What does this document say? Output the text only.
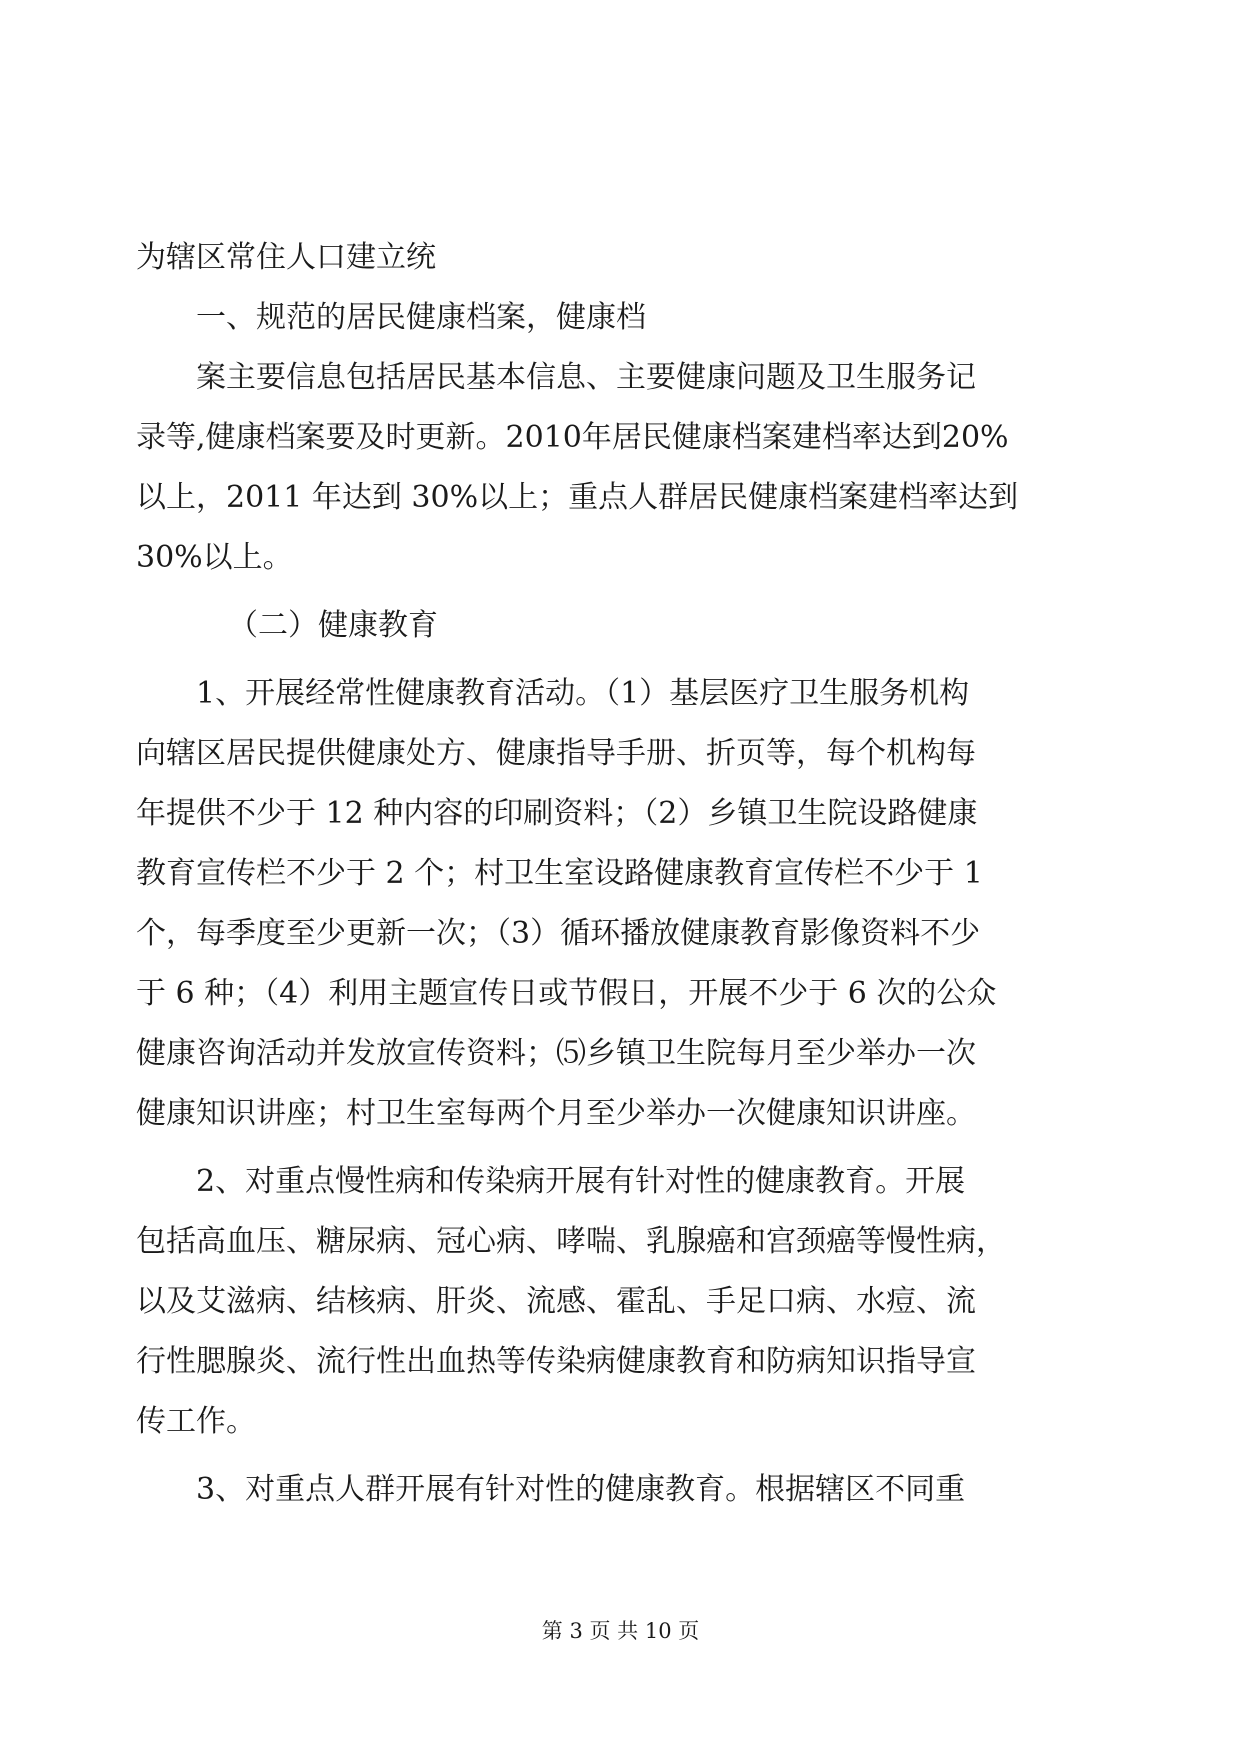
为辖区常住人口建立统
一、规范的居民健康档案，健康档
案主要信息包括居民基本信息、主要健康问题及卫生服务记
录等,健康档案要及时更新。2010年居民健康档案建档率达到20%
以上，2011 年达到 30%以上；重点人群居民健康档案建档率达到
30%以上。
（二）健康教育
1、开展经常性健康教育活动。（1）基层医疗卫生服务机构
向辖区居民提供健康处方、健康指导手册、折页等，每个机构每
年提供不少于 12 种内容的印刷资料；（2）乡镇卫生院设路健康
教育宣传栏不少于 2 个；村卫生室设路健康教育宣传栏不少于 1
个，每季度至少更新一次；（3）循环播放健康教育影像资料不少
于 6 种；（4）利用主题宣传日或节假日，开展不少于 6 次的公众
健康咨询活动并发放宣传资料；⑸乡镇卫生院每月至少举办一次
健康知识讲座；村卫生室每两个月至少举办一次健康知识讲座。
2、对重点慢性病和传染病开展有针对性的健康教育。开展
包括高血压、糖尿病、冠心病、哮喘、乳腺癌和宫颈癌等慢性病，
以及艾滋病、结核病、肝炎、流感、霍乱、手足口病、水痘、流
行性腮腺炎、流行性出血热等传染病健康教育和防病知识指导宣
传工作。
3、对重点人群开展有针对性的健康教育。根据辖区不同重
第 3 页 共 10 页
